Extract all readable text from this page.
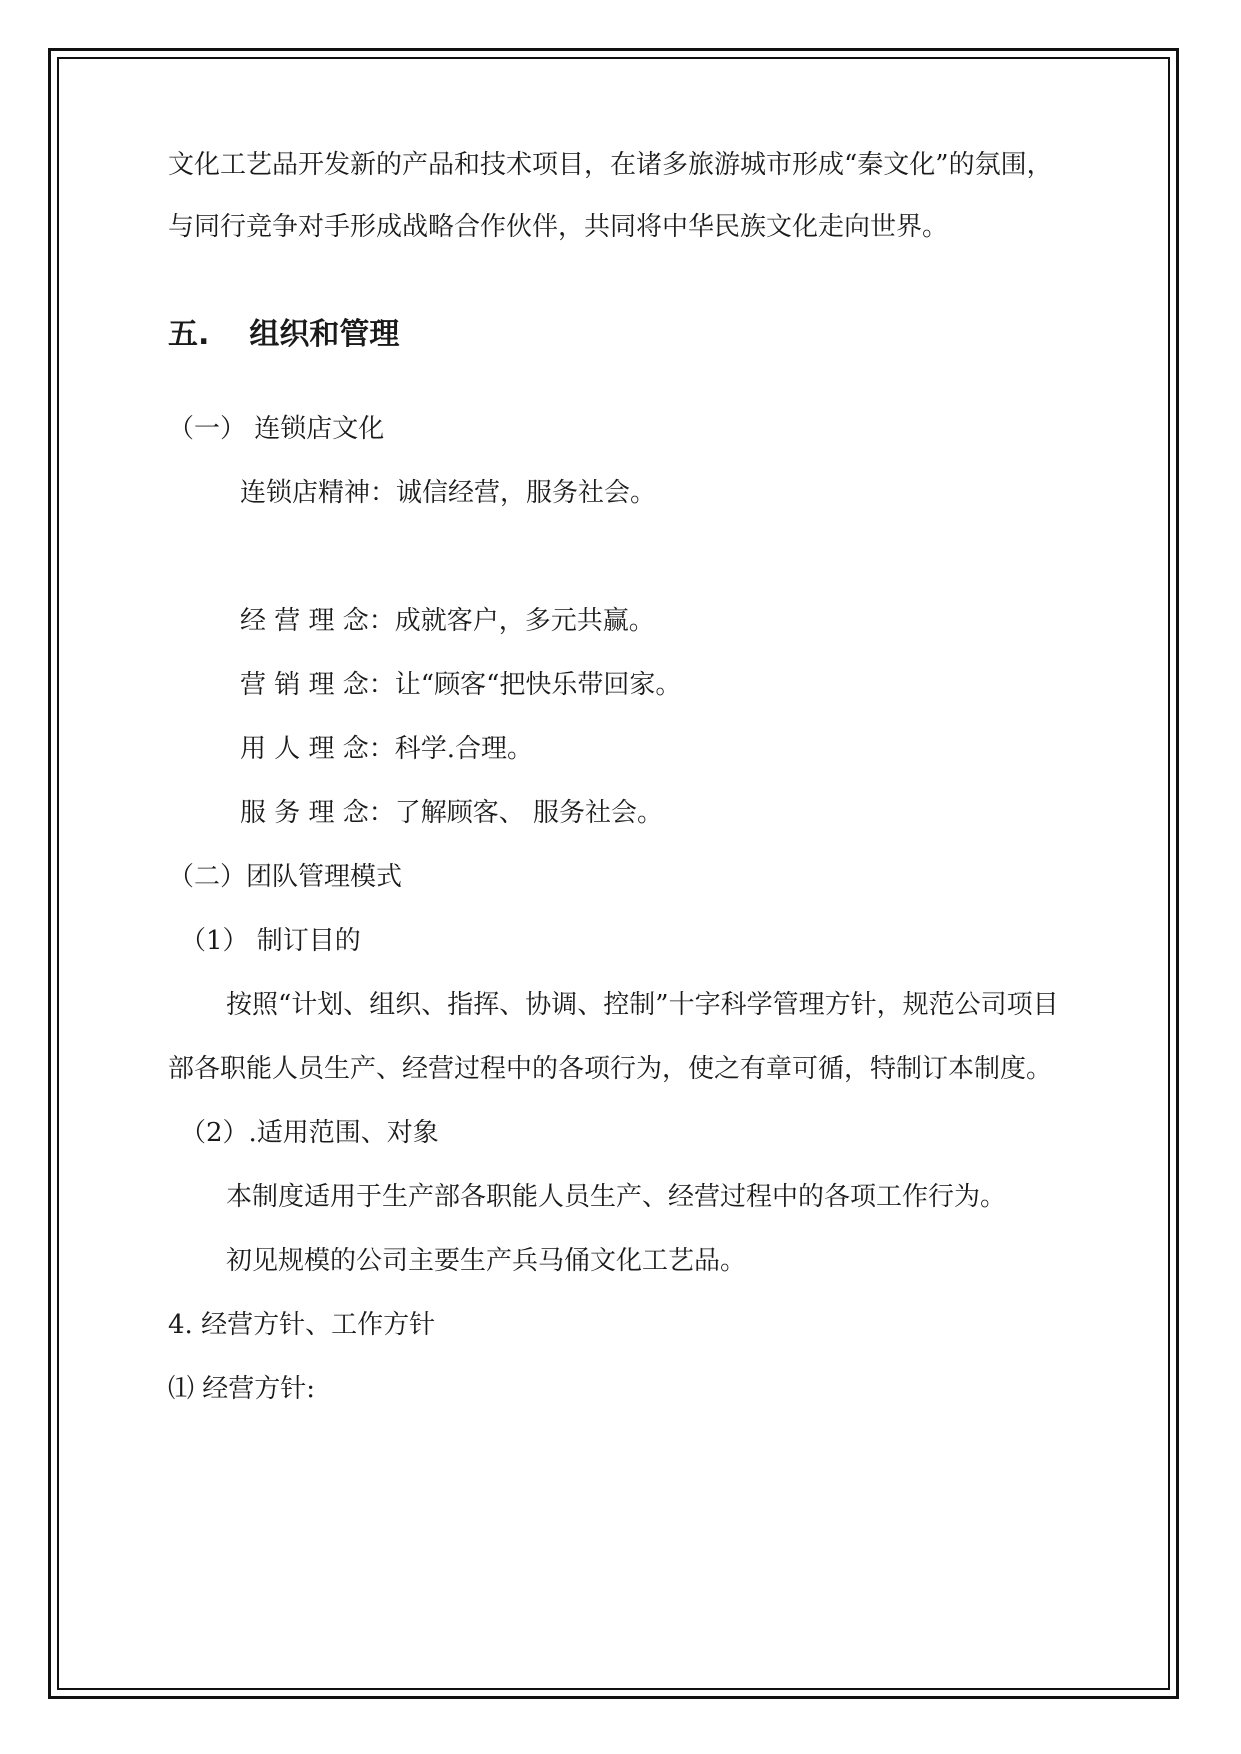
文化工艺品开发新的产品和技术项目，在诸多旅游城市形成“秦文化”的氛围，

与同行竞争对手形成战略合作伙伴，共同将中华民族文化走向世界。

五. 组织和管理

（一） 连锁店文化

连锁店精神：诚信经营，服务社会。

经 营 理 念：成就客户，多元共赢。

营 销 理 念：让“顾客“把快乐带回家。

用 人 理 念：科学.合理。

服 务 理 念：了解顾客、 服务社会。

（二）团队管理模式

（1） 制订目的

按照“计划、组织、指挥、协调、控制”十字科学管理方针，规范公司项目

部各职能人员生产、经营过程中的各项行为，使之有章可循，特制订本制度。

（2）.适用范围、对象

本制度适用于生产部各职能人员生产、经营过程中的各项工作行为。

初见规模的公司主要生产兵马俑文化工艺品。

4. 经营方针、工作方针

⑴ 经营方针:
